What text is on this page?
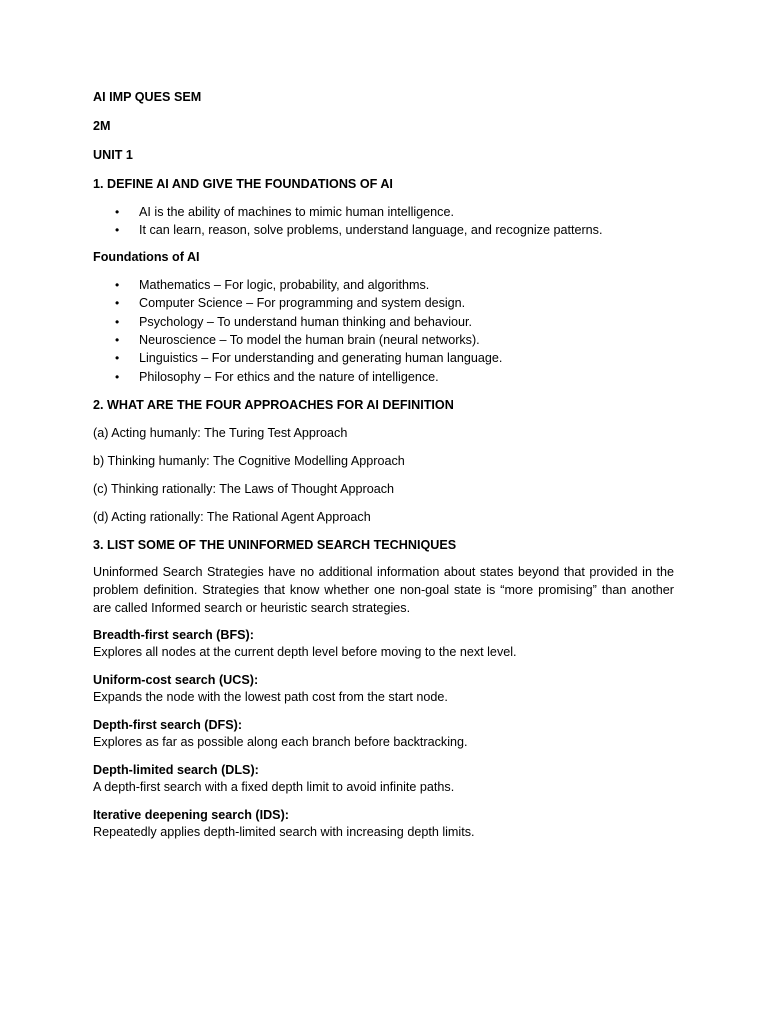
AI IMP QUES SEM

2M

UNIT 1

1. DEFINE AI AND GIVE THE FOUNDATIONS OF AI

• AI is the ability of machines to mimic human intelligence.
• It can learn, reason, solve problems, understand language, and recognize patterns.

Foundations of AI

• Mathematics – For logic, probability, and algorithms.
• Computer Science – For programming and system design.
• Psychology – To understand human thinking and behaviour.
• Neuroscience – To model the human brain (neural networks).
• Linguistics – For understanding and generating human language.
• Philosophy – For ethics and the nature of intelligence.

2. WHAT ARE THE FOUR APPROACHES FOR AI DEFINITION

(a) Acting humanly: The Turing Test Approach

b) Thinking humanly: The Cognitive Modelling Approach

(c) Thinking rationally: The Laws of Thought Approach

(d) Acting rationally: The Rational Agent Approach

3. LIST SOME OF THE UNINFORMED SEARCH TECHNIQUES

Uninformed Search Strategies have no additional information about states beyond that provided in the problem definition. Strategies that know whether one non-goal state is “more promising” than another are called Informed search or heuristic search strategies.

Breadth-first search (BFS):
Explores all nodes at the current depth level before moving to the next level.
Uniform-cost search (UCS):
Expands the node with the lowest path cost from the start node.
Depth-first search (DFS):
Explores as far as possible along each branch before backtracking.
Depth-limited search (DLS):
A depth-first search with a fixed depth limit to avoid infinite paths.
Iterative deepening search (IDS):
Repeatedly applies depth-limited search with increasing depth limits.
